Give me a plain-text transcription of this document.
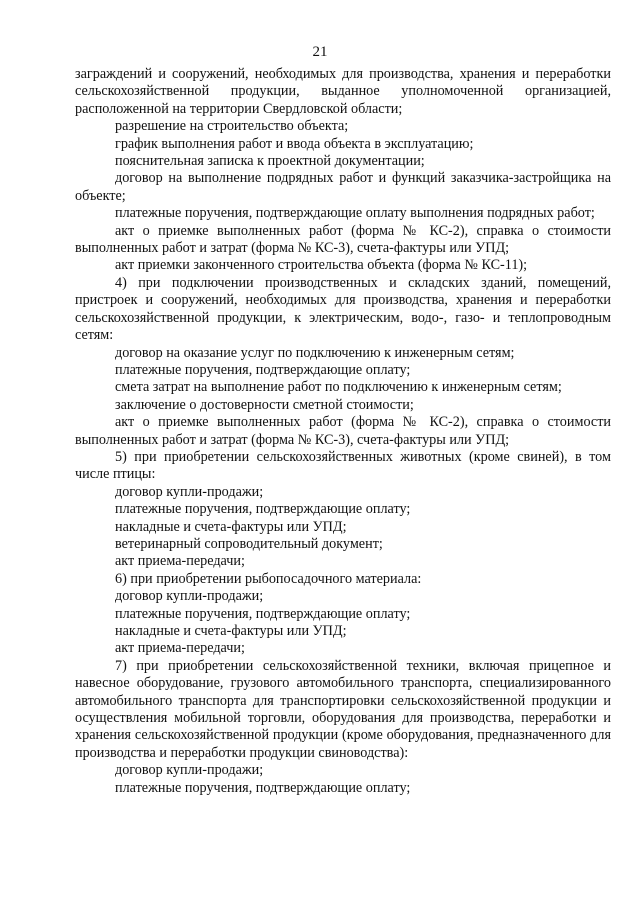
21

заграждений и сооружений, необходимых для производства, хранения и переработки сельскохозяйственной продукции, выданное уполномоченной организацией, расположенной на территории Свердловской области;

разрешение на строительство объекта;

график выполнения работ и ввода объекта в эксплуатацию;

пояснительная записка к проектной документации;

договор на выполнение подрядных работ и функций заказчика-застройщика на объекте;

платежные поручения, подтверждающие оплату выполнения подрядных работ;

акт о приемке выполненных работ (форма № КС-2), справка о стоимости выполненных работ и затрат (форма № КС-3), счета-фактуры или УПД;

акт приемки законченного строительства объекта (форма № КС-11);

4) при подключении производственных и складских зданий, помещений, пристроек и сооружений, необходимых для производства, хранения и переработки сельскохозяйственной продукции, к электрическим, водо-, газо- и теплопроводным сетям:

договор на оказание услуг по подключению к инженерным сетям;

платежные поручения, подтверждающие оплату;

смета затрат на выполнение работ по подключению к инженерным сетям;

заключение о достоверности сметной стоимости;

акт о приемке выполненных работ (форма № КС-2), справка о стоимости выполненных работ и затрат (форма № КС-3), счета-фактуры или УПД;

5) при приобретении сельскохозяйственных животных (кроме свиней), в том числе птицы:

договор купли-продажи;

платежные поручения, подтверждающие оплату;

накладные и счета-фактуры или УПД;

ветеринарный сопроводительный документ;

акт приема-передачи;

6) при приобретении рыбопосадочного материала:

договор купли-продажи;

платежные поручения, подтверждающие оплату;

накладные и счета-фактуры или УПД;

акт приема-передачи;

7) при приобретении сельскохозяйственной техники, включая прицепное и навесное оборудование, грузового автомобильного транспорта, специализированного автомобильного транспорта для транспортировки сельскохозяйственной продукции и осуществления мобильной торговли, оборудования для производства, переработки и хранения сельскохозяйственной продукции (кроме оборудования, предназначенного для производства и переработки продукции свиноводства):

договор купли-продажи;

платежные поручения, подтверждающие оплату;
